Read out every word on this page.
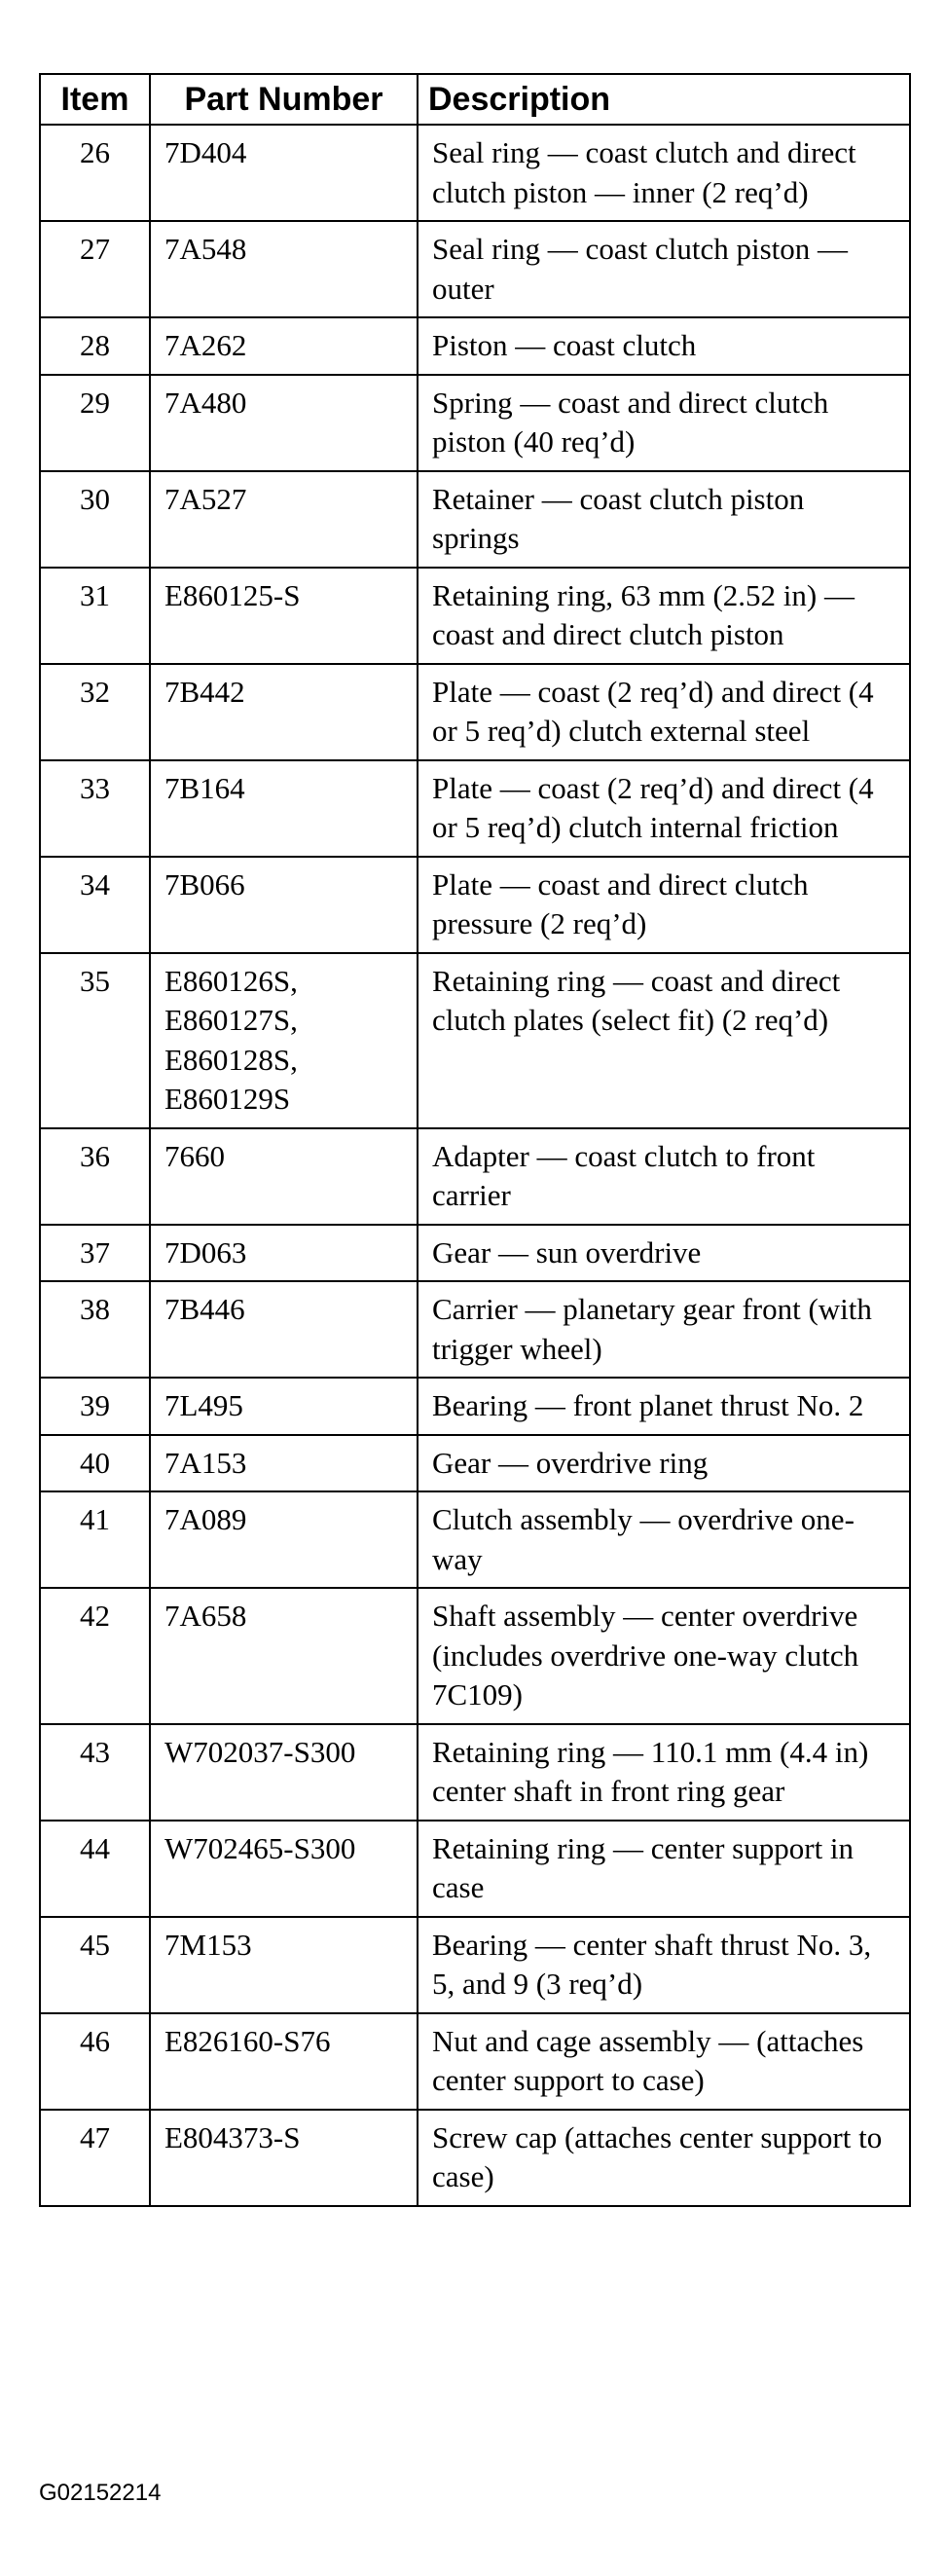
Item	Part Number	Description
26	7D404	Seal ring — coast clutch and direct clutch piston — inner (2 req’d)
27	7A548	Seal ring — coast clutch piston — outer
28	7A262	Piston — coast clutch
29	7A480	Spring — coast and direct clutch piston (40 req’d)
30	7A527	Retainer — coast clutch piston springs
31	E860125-S	Retaining ring, 63 mm (2.52 in) — coast and direct clutch piston
32	7B442	Plate — coast (2 req’d) and direct (4 or 5 req’d) clutch external steel
33	7B164	Plate — coast (2 req’d) and direct (4 or 5 req’d) clutch internal friction
34	7B066	Plate — coast and direct clutch pressure (2 req’d)
35	E860126S,
E860127S,
E860128S,
E860129S	Retaining ring — coast and direct clutch plates (select fit) (2 req’d)
36	7660	Adapter — coast clutch to front carrier
37	7D063	Gear — sun overdrive
38	7B446	Carrier — planetary gear front (with trigger wheel)
39	7L495	Bearing — front planet thrust No. 2
40	7A153	Gear — overdrive ring
41	7A089	Clutch assembly — overdrive one-way
42	7A658	Shaft assembly — center overdrive (includes overdrive one-way clutch 7C109)
43	W702037-S300	Retaining ring — 110.1 mm (4.4 in) center shaft in front ring gear
44	W702465-S300	Retaining ring — center support in case
45	7M153	Bearing — center shaft thrust No. 3, 5, and 9 (3 req’d)
46	E826160-S76	Nut and cage assembly — (attaches center support to case)
47	E804373-S	Screw cap (attaches center support to case)
G02152214
